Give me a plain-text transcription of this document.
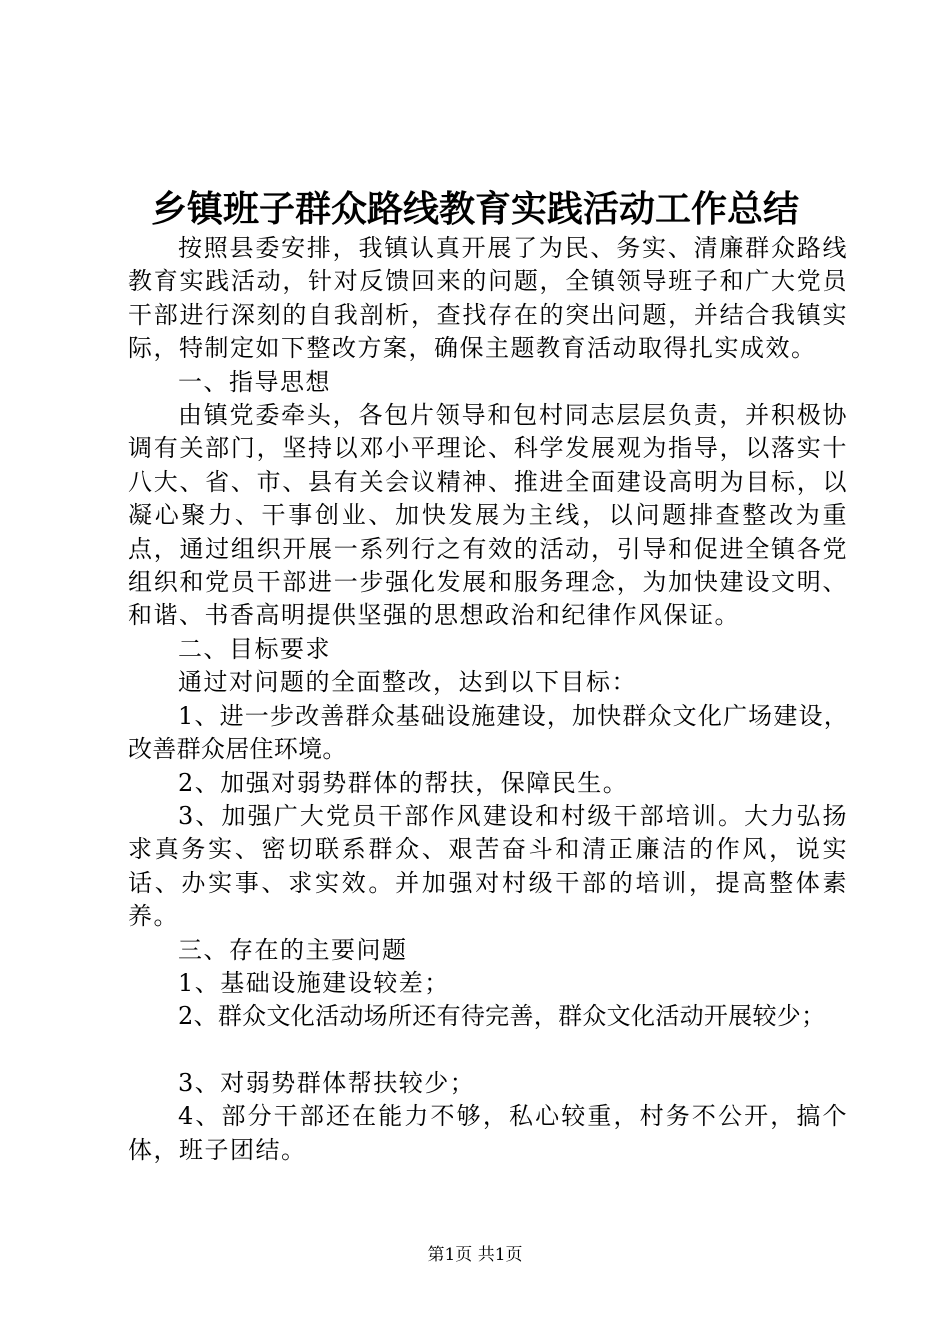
乡镇班子群众路线教育实践活动工作总结

按照县委安排，我镇认真开展了为民、务实、清廉群众路线教育实践活动，针对反馈回来的问题，全镇领导班子和广大党员干部进行深刻的自我剖析，查找存在的突出问题，并结合我镇实际，特制定如下整改方案，确保主题教育活动取得扎实成效。

一、指导思想

由镇党委牵头，各包片领导和包村同志层层负责，并积极协调有关部门，坚持以邓小平理论、科学发展观为指导，以落实十八大、省、市、县有关会议精神、推进全面建设高明为目标，以凝心聚力、干事创业、加快发展为主线，以问题排查整改为重点，通过组织开展一系列行之有效的活动，引导和促进全镇各党组织和党员干部进一步强化发展和服务理念，为加快建设文明、和谐、书香高明提供坚强的思想政治和纪律作风保证。

二、目标要求

通过对问题的全面整改，达到以下目标：

1、进一步改善群众基础设施建设，加快群众文化广场建设，改善群众居住环境。

2、加强对弱势群体的帮扶，保障民生。

3、加强广大党员干部作风建设和村级干部培训。大力弘扬求真务实、密切联系群众、艰苦奋斗和清正廉洁的作风，说实话、办实事、求实效。并加强对村级干部的培训，提高整体素养。

三、存在的主要问题

1、基础设施建设较差；

2、群众文化活动场所还有待完善，群众文化活动开展较少；

3、对弱势群体帮扶较少；

4、部分干部还在能力不够，私心较重，村务不公开，搞个体，班子团结。

第1页 共1页
